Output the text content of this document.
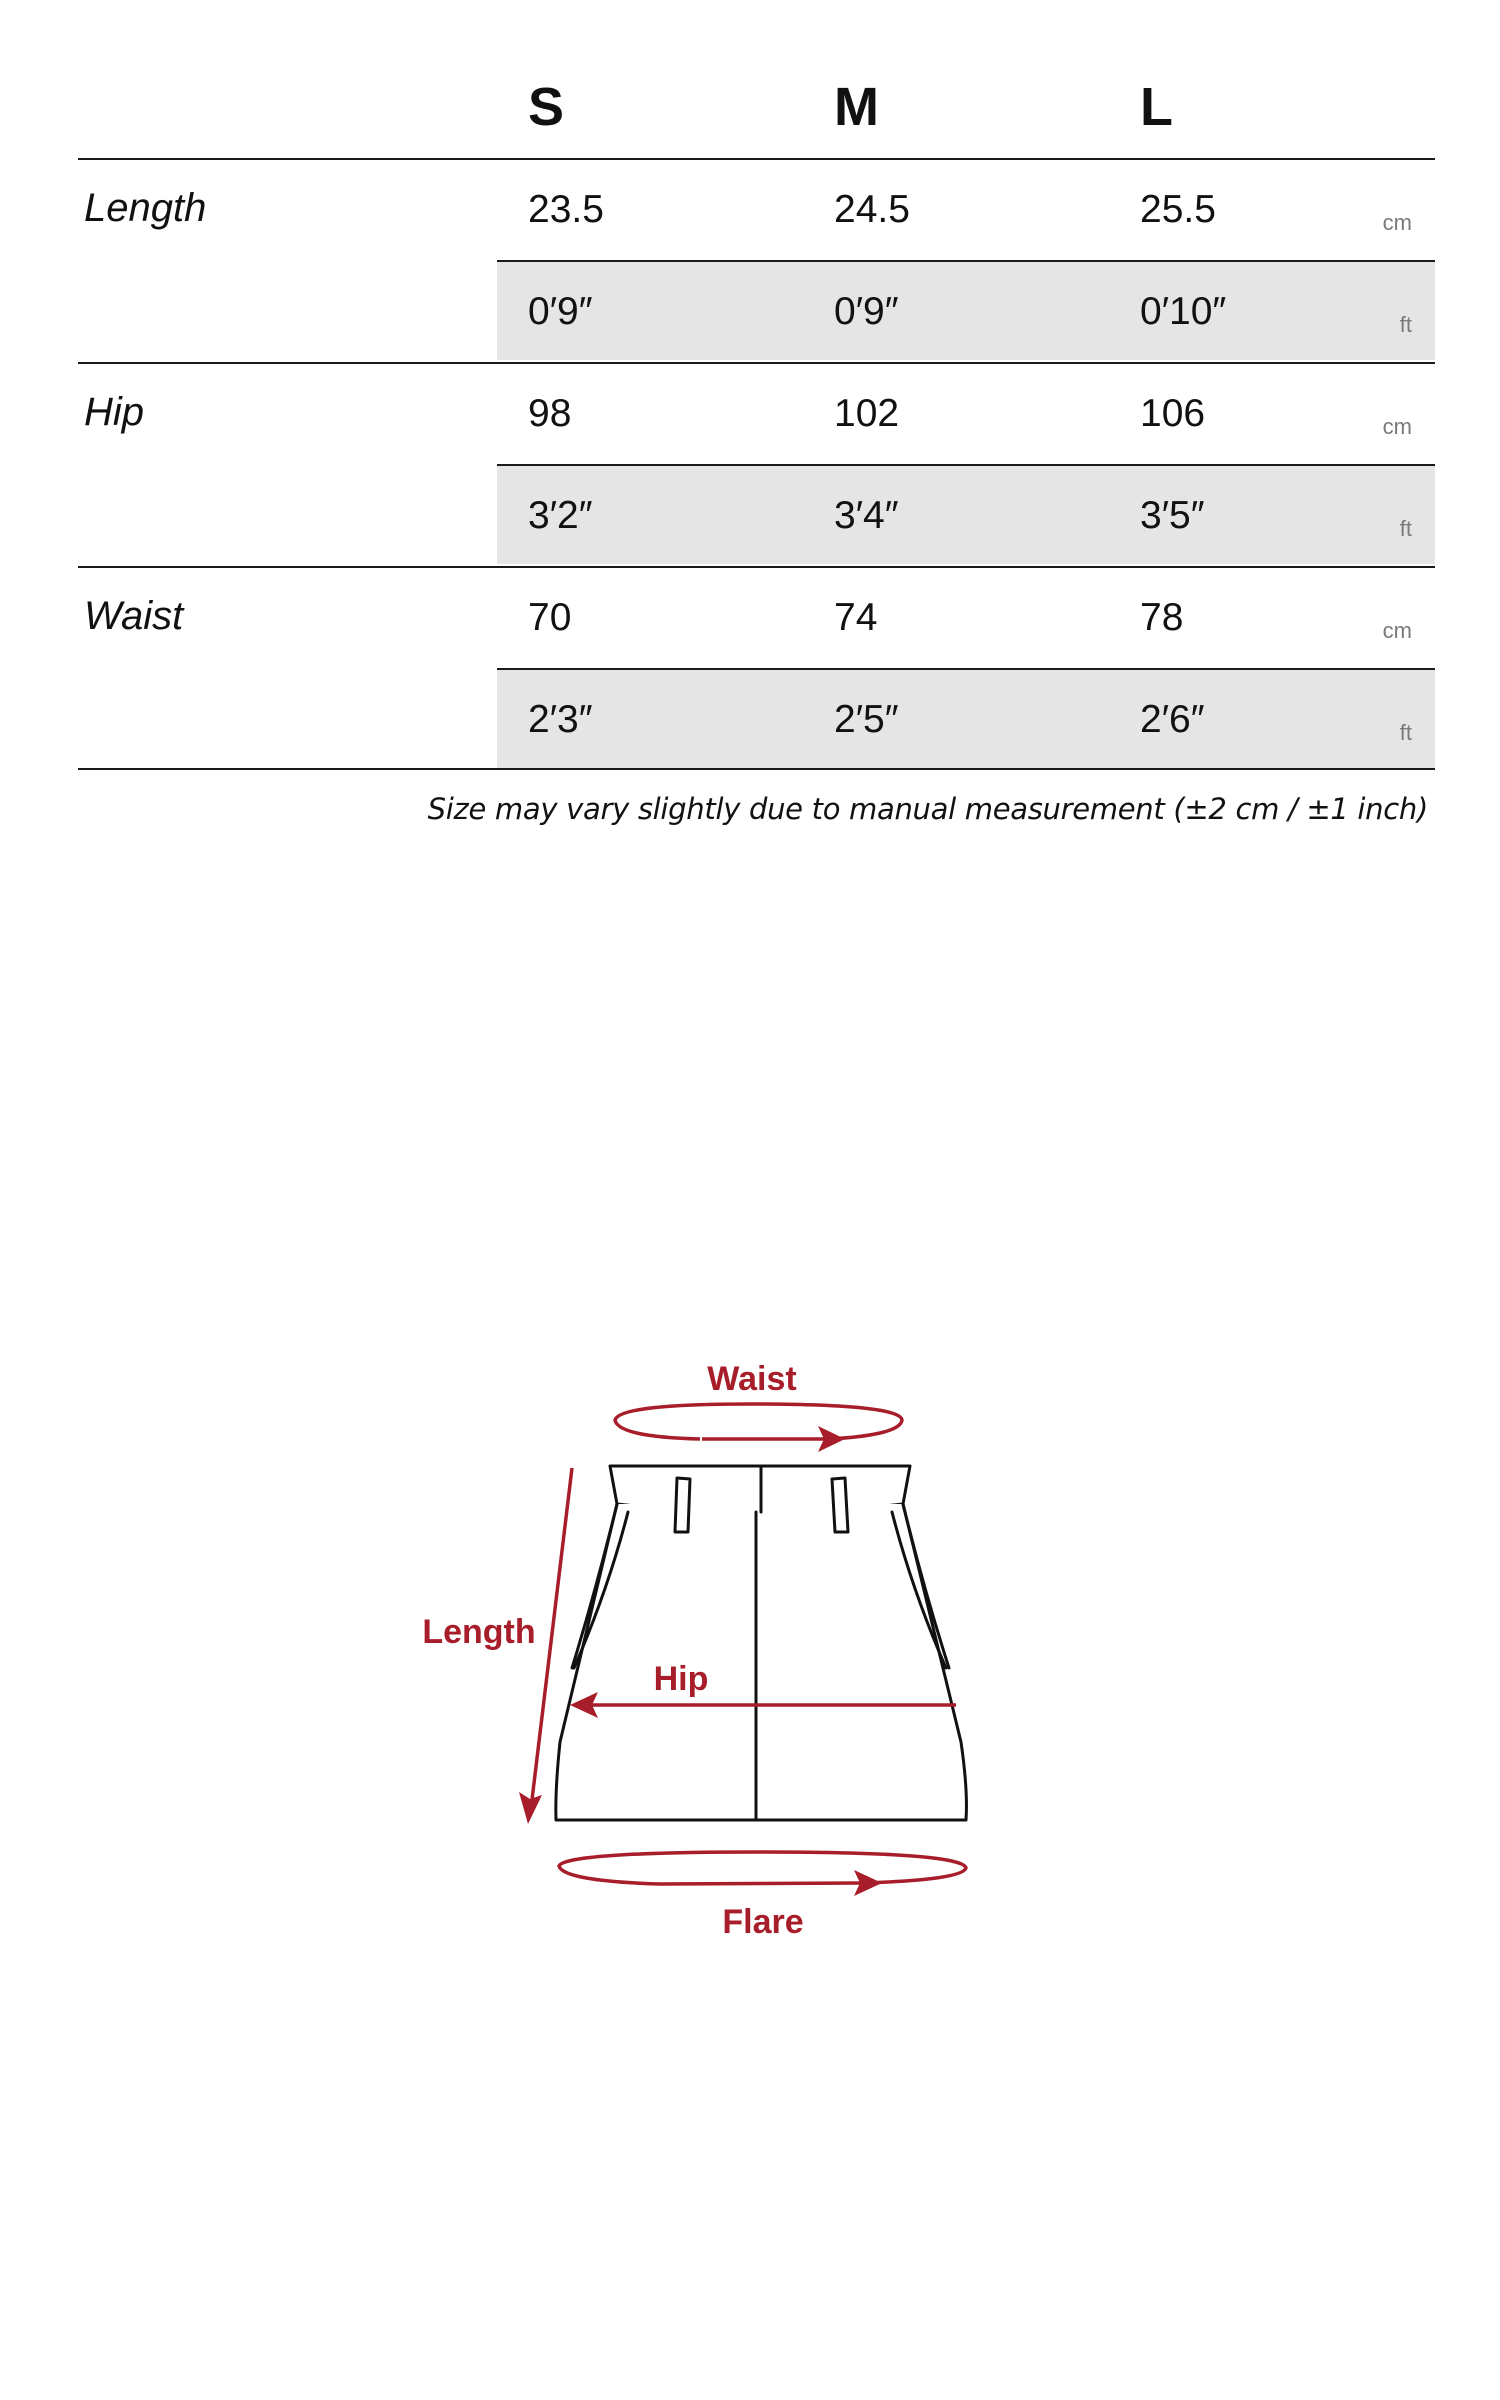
S	M	L
Length	23.5	24.5	25.5	cm
0′9″	0′9″	0′10″	ft
Hip	98	102	106	cm
3′2″	3′4″	3′5″	ft
Waist	70	74	78	cm
2′3″	2′5″	2′6″	ft
Size may vary slightly due to manual measurement (±2 cm / ±1 inch)
Waist
Length
Hip
Flare
